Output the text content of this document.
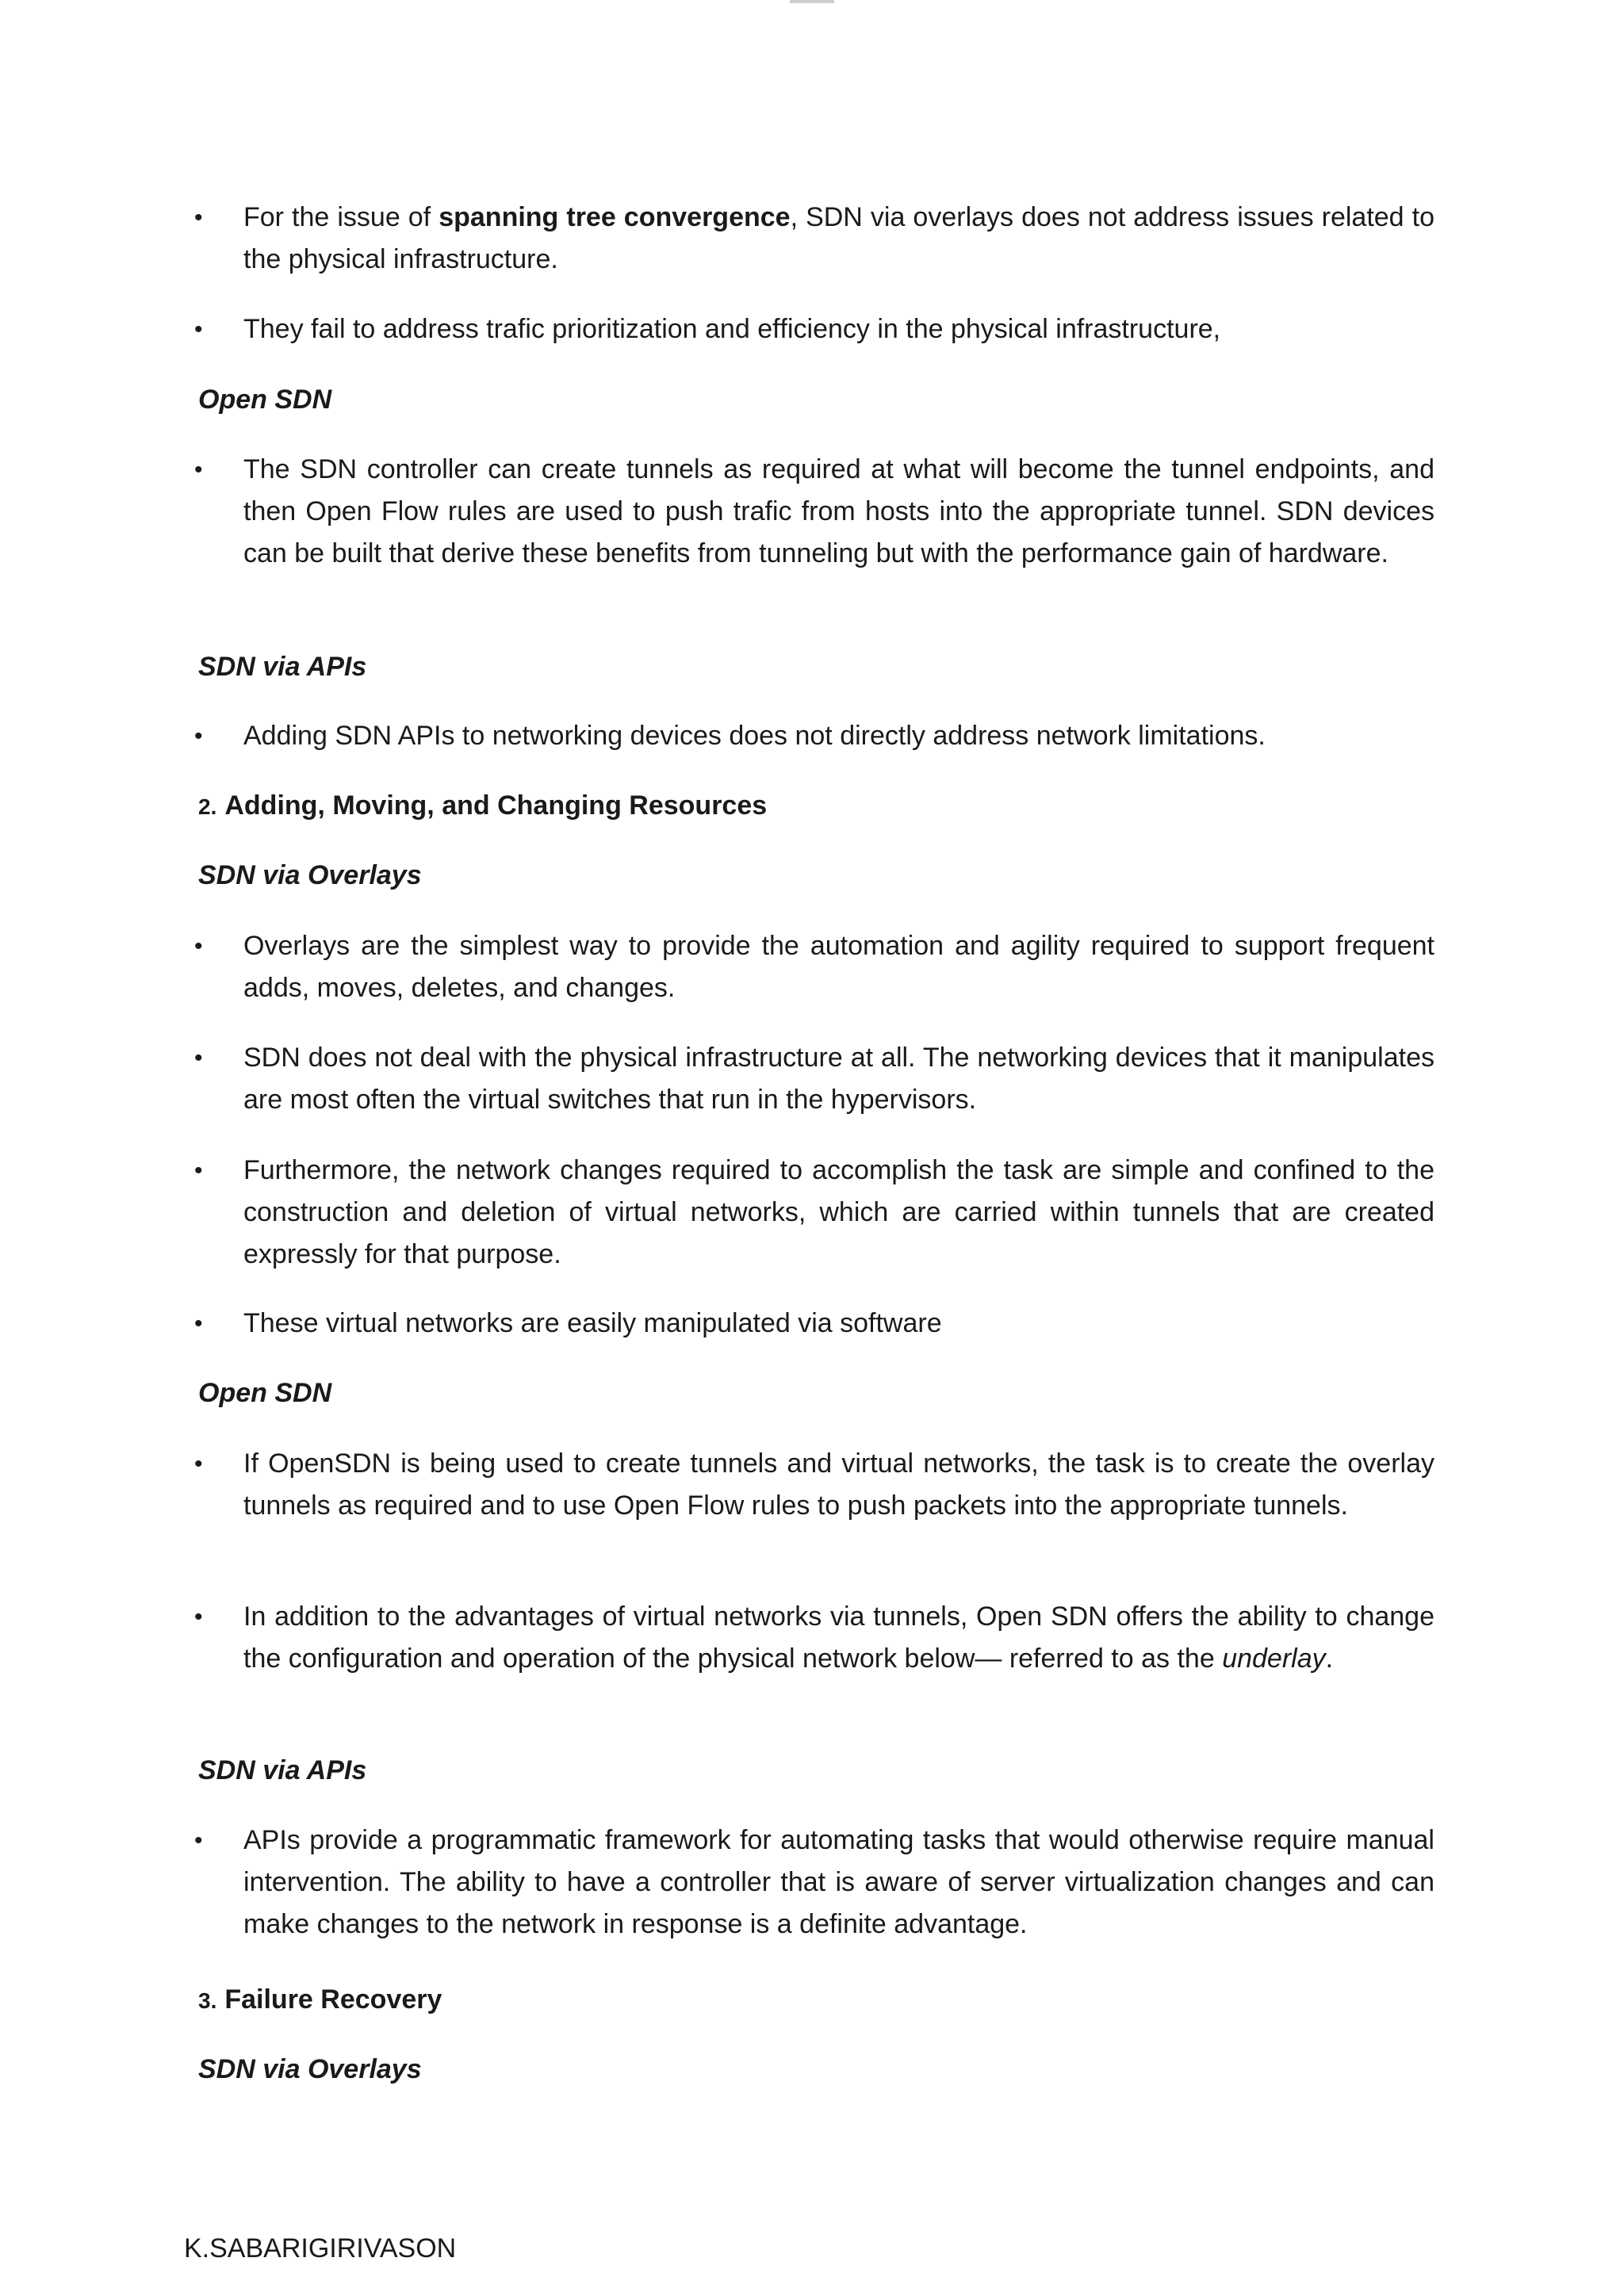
• For the issue of spanning tree convergence, SDN via overlays does not address issues related to the physical infrastructure.

• They fail to address traﬁc prioritization and efﬁciency in the physical infrastructure,

Open SDN

• The SDN controller can create tunnels as required at what will become the tunnel endpoints, and then Open Flow rules are used to push traﬁc from hosts into the appropriate tunnel. SDN devices can be built that derive these benefits from tunneling but with the performance gain of hardware.

SDN via APIs

• Adding SDN APIs to networking devices does not directly address network limitations.

2. Adding, Moving, and Changing Resources

SDN via Overlays

• Overlays are the simplest way to provide the automation and agility required to support frequent adds, moves, deletes, and changes.

• SDN does not deal with the physical infrastructure at all. The networking devices that it manipulates are most often the virtual switches that run in the hypervisors.

• Furthermore, the network changes required to accomplish the task are simple and confined to the construction and deletion of virtual networks, which are carried within tunnels that are created expressly for that purpose.

• These virtual networks are easily manipulated via software

Open SDN

• If OpenSDN is being used to create tunnels and virtual networks, the task is to create the overlay tunnels as required and to use Open Flow rules to push packets into the appropriate tunnels.

• In addition to the advantages of virtual networks via tunnels, Open SDN offers the ability to change the configuration and operation of the physical network below— referred to as the underlay.

SDN via APIs

• APIs provide a programmatic framework for automating tasks that would otherwise require manual intervention. The ability to have a controller that is aware of server virtualization changes and can make changes to the network in response is a definite advantage.

3. Failure Recovery

SDN via Overlays

K.SABARIGIRIVASON
